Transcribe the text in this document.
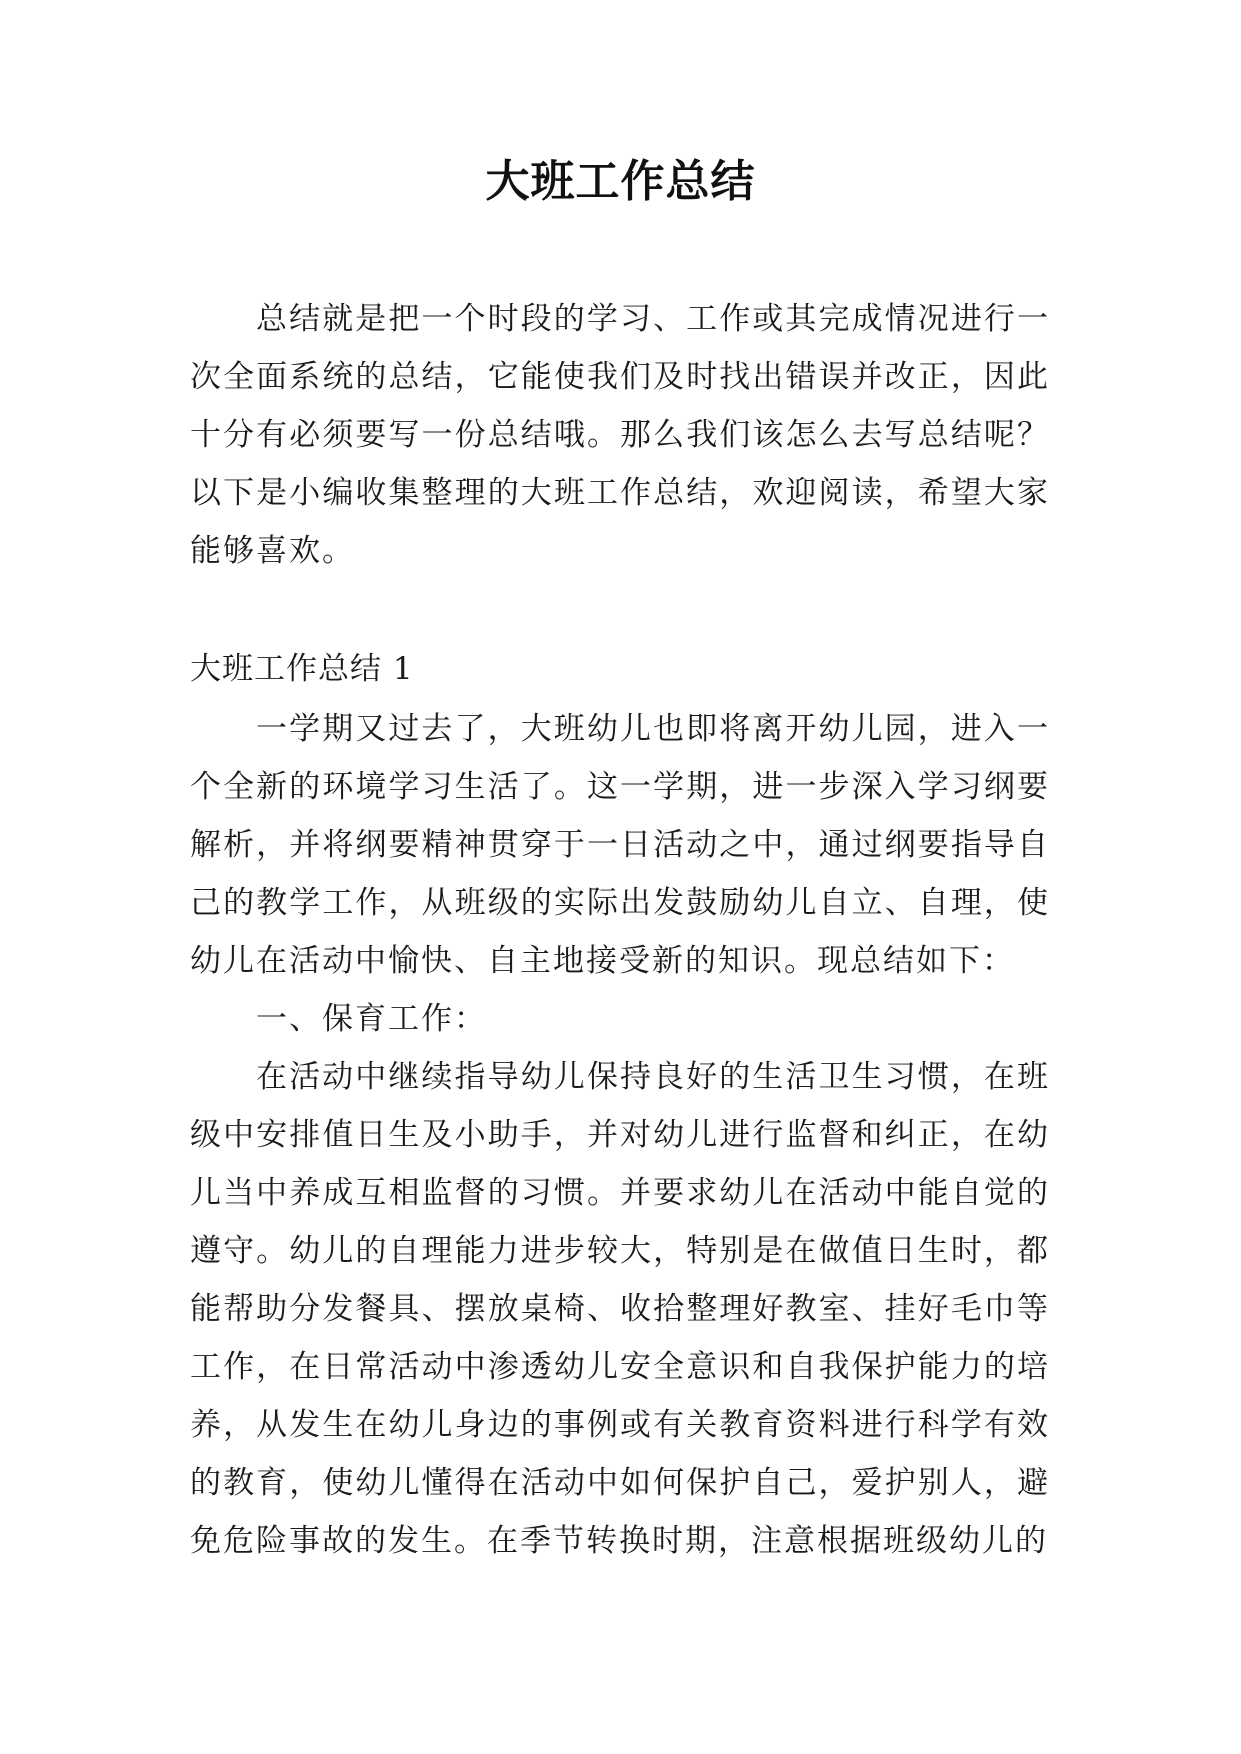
大班工作总结

总结就是把一个时段的学习、工作或其完成情况进行一次全面系统的总结，它能使我们及时找出错误并改正，因此十分有必须要写一份总结哦。那么我们该怎么去写总结呢？以下是小编收集整理的大班工作总结，欢迎阅读，希望大家能够喜欢。

大班工作总结 1

一学期又过去了，大班幼儿也即将离开幼儿园，进入一个全新的环境学习生活了。这一学期，进一步深入学习纲要解析，并将纲要精神贯穿于一日活动之中，通过纲要指导自己的教学工作，从班级的实际出发鼓励幼儿自立、自理，使幼儿在活动中愉快、自主地接受新的知识。现总结如下：

一、保育工作：

在活动中继续指导幼儿保持良好的生活卫生习惯，在班级中安排值日生及小助手，并对幼儿进行监督和纠正，在幼儿当中养成互相监督的习惯。并要求幼儿在活动中能自觉的遵守。幼儿的自理能力进步较大，特别是在做值日生时，都能帮助分发餐具、摆放桌椅、收拾整理好教室、挂好毛巾等工作，在日常活动中渗透幼儿安全意识和自我保护能力的培养，从发生在幼儿身边的事例或有关教育资料进行科学有效的教育，使幼儿懂得在活动中如何保护自己，爱护别人，避免危险事故的发生。在季节转换时期，注意根据班级幼儿的
